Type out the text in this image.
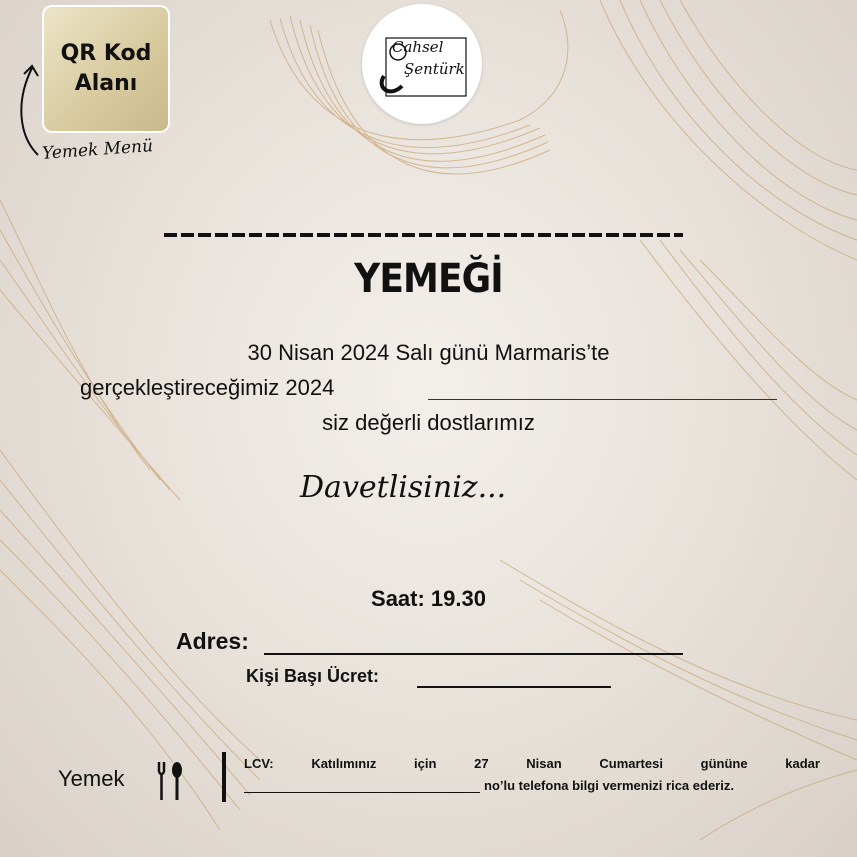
QR Kod
Alanı
Yemek Menü
Cahsel
Şentürk
YEMEĞİ
30 Nisan 2024 Salı günü Marmaris’te
gerçekleştireceğimiz 2024
siz değerli dostlarımız
Davetlisiniz...
Saat: 19.30
Adres:
Kişi Başı Ücret:
Yemek
LCV:	Katılımınız	için	27	Nisan	Cumartesi	gününe	kadar
no’lu telefona bilgi vermenizi rica ederiz.
